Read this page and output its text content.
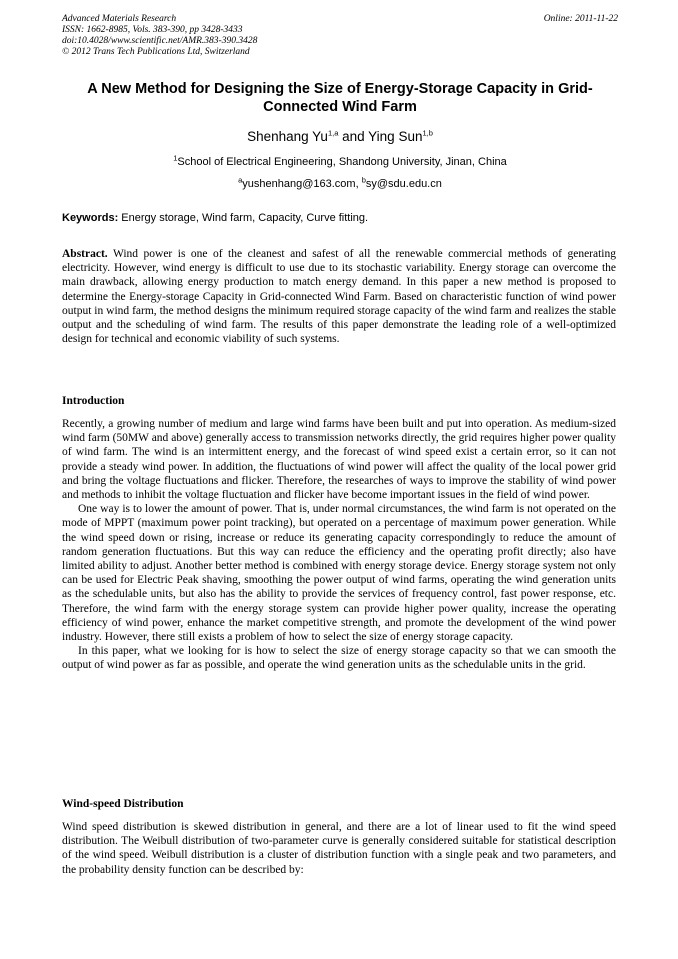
Advanced Materials Research
ISSN: 1662-8985, Vols. 383-390, pp 3428-3433
doi:10.4028/www.scientific.net/AMR.383-390.3428
© 2012 Trans Tech Publications Ltd, Switzerland
Online: 2011-11-22
A New Method for Designing the Size of Energy-Storage Capacity in Grid-Connected Wind Farm
Shenhang Yu$^{1,a}$ and Ying Sun$^{1,b}$
$^1$School of Electrical Engineering, Shandong University, Jinan, China
$^a$yushenhang@163.com, $^b$sy@sdu.edu.cn
Keywords: Energy storage, Wind farm, Capacity, Curve fitting.

Abstract. Wind power is one of the cleanest and safest of all the renewable commercial methods of generating electricity. However, wind energy is difficult to use due to its stochastic variability. Energy storage can overcome the main drawback, allowing energy production to match energy demand. In this paper a new method is proposed to determine the Energy-storage Capacity in Grid-connected Wind Farm. Based on characteristic function of wind power output in wind farm, the method designs the minimum required storage capacity of the wind farm and realizes the stable output and the scheduling of wind farm. The results of this paper demonstrate the leading role of a well-optimized design for technical and economic viability of such systems.

Introduction

Recently, a growing number of medium and large wind farms have been built and put into operation. As medium-sized wind farm (50MW and above) generally access to transmission networks directly, the grid requires higher power quality of wind farm. The wind is an intermittent energy, and the forecast of wind speed exist a certain error, so it can not provide a steady wind power. In addition, the fluctuations of wind power will affect the quality of the local power grid and bring the voltage fluctuations and flicker. Therefore, the researches of ways to improve the stability of wind power and methods to inhibit the voltage fluctuation and flicker have become important issues in the field of wind power.

One way is to lower the amount of power. That is, under normal circumstances, the wind farm is not operated on the mode of MPPT (maximum power point tracking), but operated on a percentage of maximum power generation. While the wind speed down or rising, increase or reduce its generating capacity correspondingly to reduce the amount of random generation fluctuations. But this way can reduce the efficiency and the operating profit directly; also have limited ability to adjust. Another better method is combined with energy storage device. Energy storage system not only can be used for Electric Peak shaving, smoothing the power output of wind farms, operating the wind generation units as the schedulable units, but also has the ability to provide the services of frequency control, fast power response, etc. Therefore, the wind farm with the energy storage system can provide higher power quality, increase the operating efficiency of wind power, enhance the market competitive strength, and promote the development of the wind power industry. However, there still exists a problem of how to select the size of energy storage capacity.

In this paper, what we looking for is how to select the size of energy storage capacity so that we can smooth the output of wind power as far as possible, and operate the wind generation units as the schedulable units in the grid.

Wind-speed Distribution

Wind speed distribution is skewed distribution in general, and there are a lot of linear used to fit the wind speed distribution. The Weibull distribution of two-parameter curve is generally considered suitable for statistical description of the wind speed. Weibull distribution is a cluster of distribution function with a single peak and two parameters, and the probability density function can be described by:
